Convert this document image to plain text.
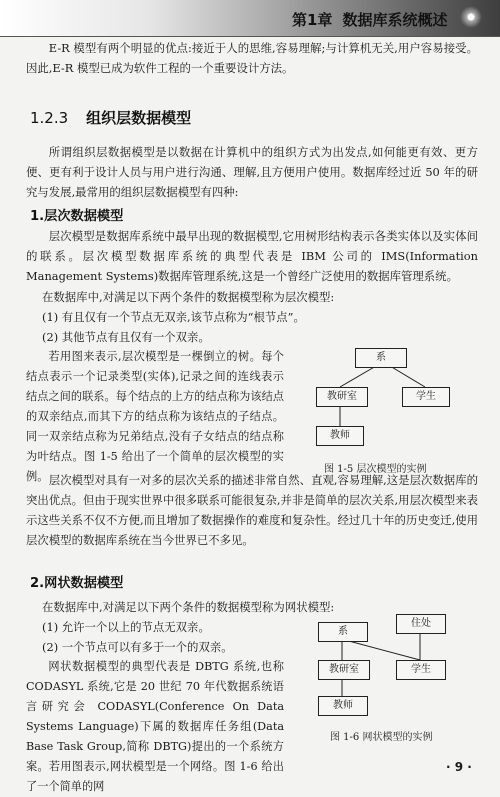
第1章 数据库系统概述

E-R 模型有两个明显的优点:接近于人的思维,容易理解;与计算机无关,用户容易接受。因此,E-R 模型已成为软件工程的一个重要设计方法。

1.2.3 组织层数据模型

所谓组织层数据模型是以数据在计算机中的组织方式为出发点,如何能更有效、更方便、更有利于设计人员与用户进行沟通、理解,且方便用户使用。数据库经过近 50 年的研究与发展,最常用的组织层数据模型有四种:

1.层次数据模型

层次模型是数据库系统中最早出现的数据模型,它用树形结构表示各类实体以及实体间的联系。层次模型数据库系统的典型代表是 IBM 公司的 IMS(Information Management Systems)数据库管理系统,这是一个曾经广泛使用的数据库管理系统。

在数据库中,对满足以下两个条件的数据模型称为层次模型:
(1) 有且仅有一个节点无双亲,该节点称为“根节点”。
(2) 其他节点有且仅有一个双亲。

若用图来表示,层次模型是一棵倒立的树。每个结点表示一个记录类型(实体),记录之间的连线表示结点之间的联系。每个结点的上方的结点称为该结点的双亲结点,而其下方的结点称为该结点的子结点。同一双亲结点称为兄弟结点,没有子女结点的结点称为叶结点。图 1-5 给出了一个简单的层次模型的实例。

系
教研室	学生
教师
图 1-5 层次模型的实例

层次模型对具有一对多的层次关系的描述非常自然、直观,容易理解,这是层次数据库的突出优点。但由于现实世界中很多联系可能很复杂,并非是简单的层次关系,用层次模型来表示这些关系不仅不方便,而且增加了数据操作的难度和复杂性。经过几十年的历史变迁,使用层次模型的数据库系统在当今世界已不多见。

2.网状数据模型
在数据库中,对满足以下两个条件的数据模型称为网状模型:
(1) 允许一个以上的节点无双亲。
(2) 一个节点可以有多于一个的双亲。

网状数据模型的典型代表是 DBTG 系统,也称 CODASYL 系统,它是 20 世纪 70 年代数据系统语言研究会 CODASYL(Conference On Data Systems Language)下属的数据库任务组(Data Base Task Group,简称 DBTG)提出的一个系统方案。若用图表示,网状模型是一个网络。图 1-6 给出了一个简单的网

系
住处
教研室	学生
教师
图 1-6 网状模型的实例
· 9 ·
